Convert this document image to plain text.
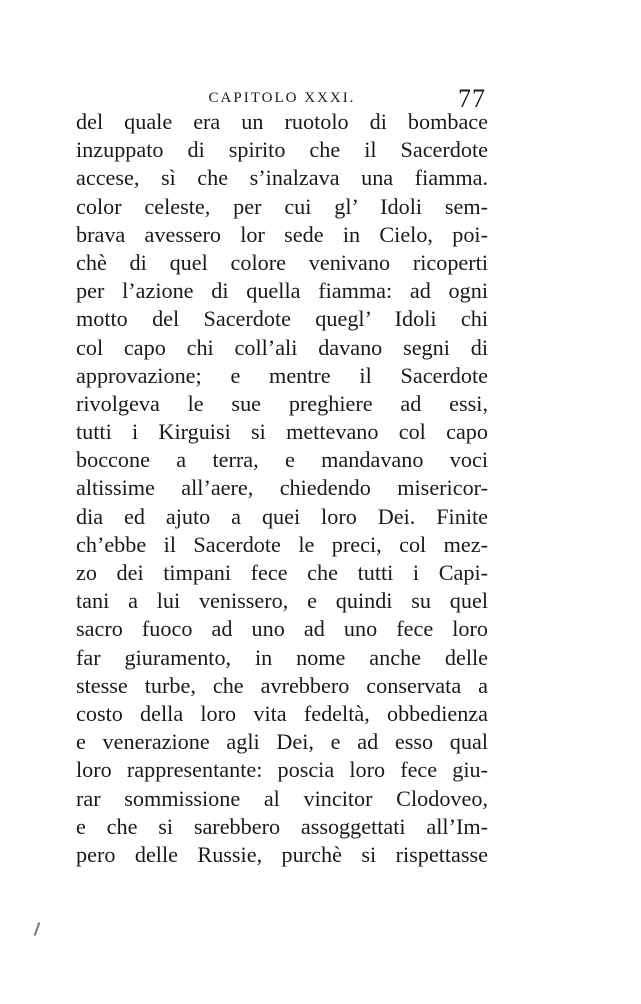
CAPITOLO XXXI.	77
del quale era un ruotolo di bombace
inzuppato di spirito che il Sacerdote
accese, sì che s’inalzava una fiamma.
color celeste, per cui gl’ Idoli sem-
brava avessero lor sede in Cielo, poi-
chè di quel colore venivano ricoperti
per l’azione di quella fiamma: ad ogni
motto del Sacerdote quegl’ Idoli chi
col capo chi coll’ali davano segni di
approvazione; e mentre il Sacerdote
rivolgeva le sue preghiere ad essi,
tutti i Kirguisi si mettevano col capo
boccone a terra, e mandavano voci
altissime all’aere, chiedendo misericor-
dia ed ajuto a quei loro Dei. Finite
ch’ebbe il Sacerdote le preci, col mez-
zo dei timpani fece che tutti i Capi-
tani a lui venissero, e quindi su quel
sacro fuoco ad uno ad uno fece loro
far giuramento, in nome anche delle
stesse turbe, che avrebbero conservata a
costo della loro vita fedeltà, obbedienza
e venerazione agli Dei, e ad esso qual
loro rappresentante: poscia loro fece giu-
rar sommissione al vincitor Clodoveo,
e che si sarebbero assoggettati all’Im-
pero delle Russie, purchè si rispettasse
